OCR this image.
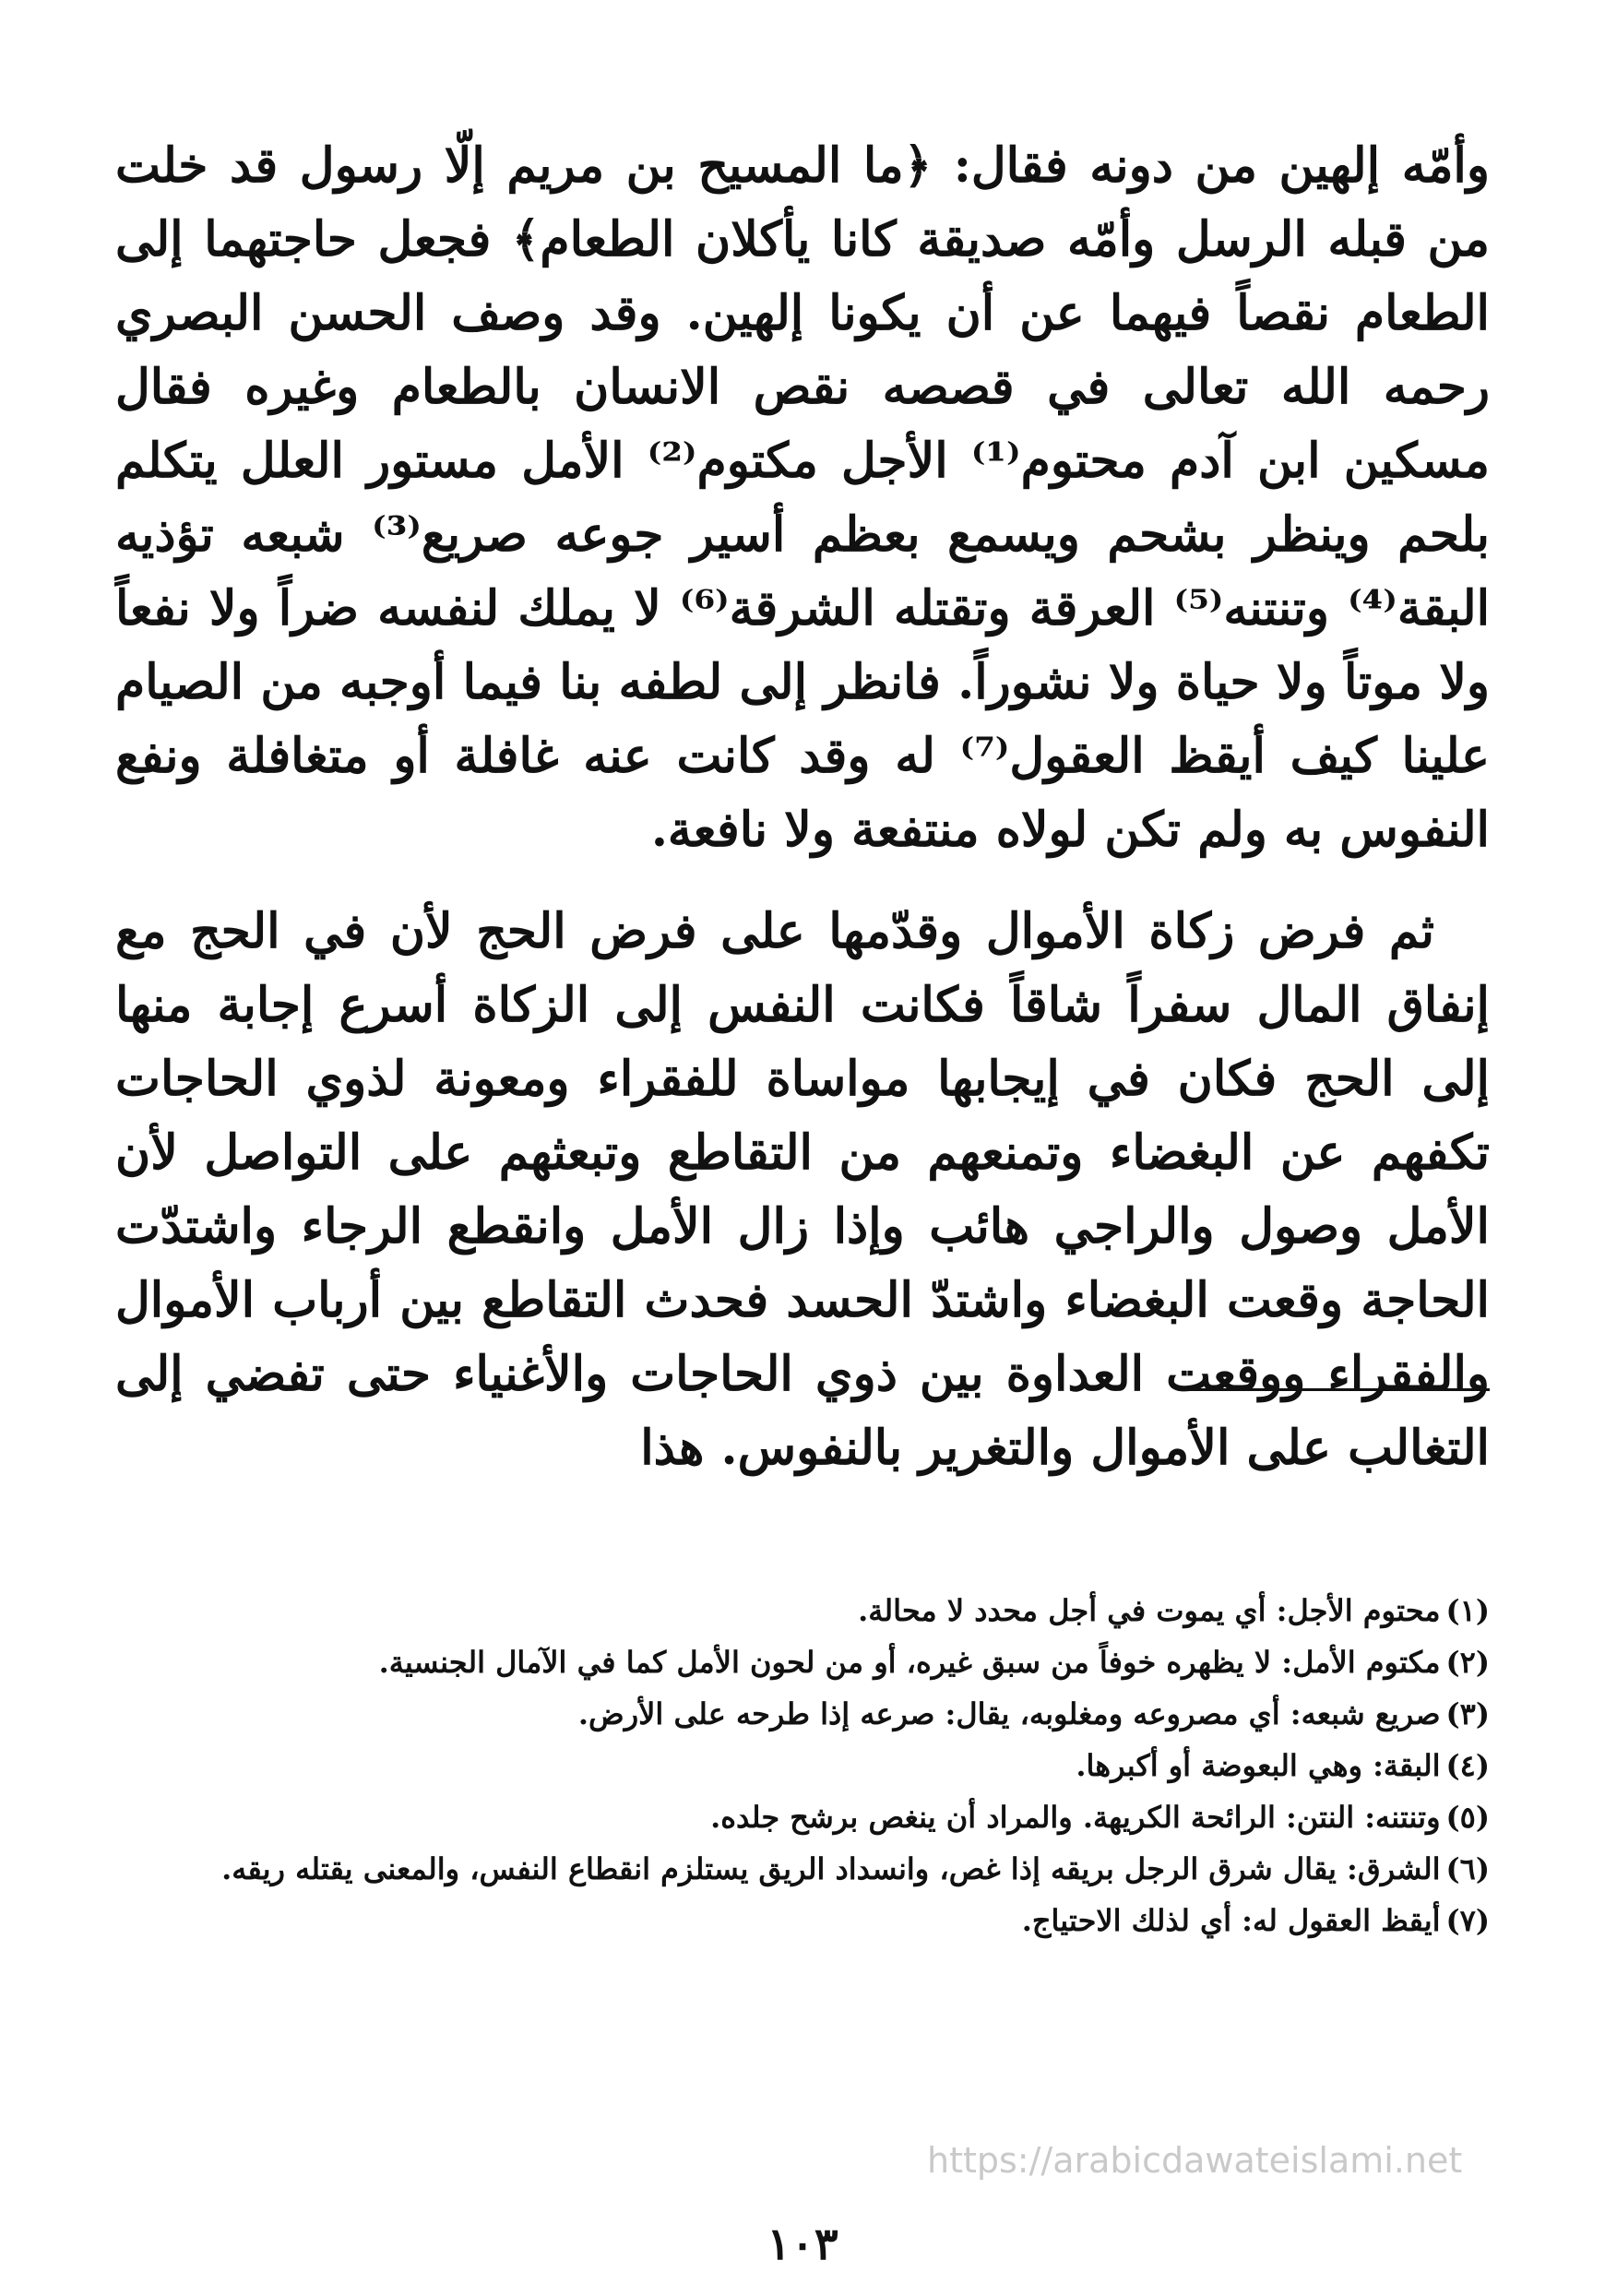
وأمّه إلهين من دونه فقال: ﴿ما المسيح بن مريم إلّا رسول قد خلت من قبله الرسل وأمّه صديقة كانا يأكلان الطعام﴾ فجعل حاجتهما إلى الطعام نقصاً فيهما عن أن يكونا إلهين. وقد وصف الحسن البصري رحمه الله تعالى في قصصه نقص الانسان بالطعام وغيره فقال مسكين ابن آدم محتوم⁽¹⁾ الأجل مكتوم⁽²⁾ الأمل مستور العلل يتكلم بلحم وينظر بشحم ويسمع بعظم أسير جوعه صريع⁽³⁾ شبعه تؤذيه البقة⁽⁴⁾ وتنتنه⁽⁵⁾ العرقة وتقتله الشرقة⁽⁶⁾ لا يملك لنفسه ضراً ولا نفعاً ولا موتاً ولا حياة ولا نشوراً. فانظر إلى لطفه بنا فيما أوجبه من الصيام علينا كيف أيقظ العقول⁽⁷⁾ له وقد كانت عنه غافلة أو متغافلة ونفع النفوس به ولم تكن لولاه منتفعة ولا نافعة.

ثم فرض زكاة الأموال وقدّمها على فرض الحج لأن في الحج مع إنفاق المال سفراً شاقاً فكانت النفس إلى الزكاة أسرع إجابة منها إلى الحج فكان في إيجابها مواساة للفقراء ومعونة لذوي الحاجات تكفهم عن البغضاء وتمنعهم من التقاطع وتبعثهم على التواصل لأن الأمل وصول والراجي هائب وإذا زال الأمل وانقطع الرجاء واشتدّت الحاجة وقعت البغضاء واشتدّ الحسد فحدث التقاطع بين أرباب الأموال والفقراء ووقعت العداوة بين ذوي الحاجات والأغنياء حتى تفضي إلى التغالب على الأموال والتغرير بالنفوس. هذا

(١)محتوم الأجل: أي يموت في أجل محدد لا محالة.
(٢)مكتوم الأمل: لا يظهره خوفاً من سبق غيره، أو من لحون الأمل كما في الآمال الجنسية.
(٣)صريع شبعه: أي مصروعه ومغلوبه، يقال: صرعه إذا طرحه على الأرض.
(٤)البقة: وهي البعوضة أو أكبرها.
(٥)وتنتنه: النتن: الرائحة الكريهة. والمراد أن ينغص برشح جلده.
(٦)الشرق: يقال شرق الرجل بريقه إذا غص، وانسداد الريق يستلزم انقطاع النفس، والمعنى يقتله ريقه.
(٧)أيقظ العقول له: أي لذلك الاحتياج.
https://arabicdawateislami.net
١٠٣
